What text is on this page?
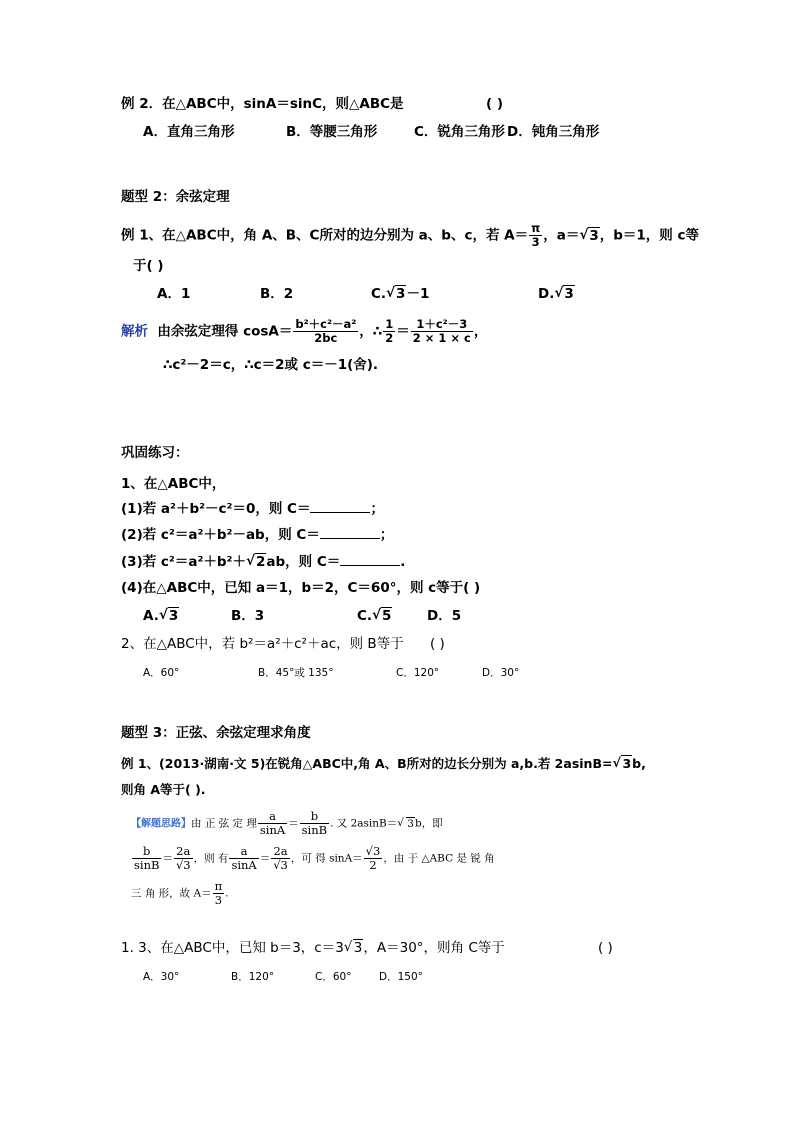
例 2．在△ABC中，sinA＝sinC，则△ABC是	( )
A．直角三角形	B．等腰三角形	C．锐角三角形 D．钝角三角形
题型 2：余弦定理
例 1、在△ABC中，角 A、B、C所对的边分别为 a、b、c，若 $A= \frac{\pi}{3}$ ，a＝ √ 3，b＝1，则 c等
于( )
A．1	B．2	C. √ 3－1	D. √ 3
解析 由余弦定理得 $\cos A= \frac{\text{b²＋c²－a²}}{2bc}$ ，∴ $\frac{1}{2} = \frac{\text{1＋c²－3}}{2 \times 1 \times c}$ ，
∴c²－2＝c，∴c＝2或 c＝－1(舍).
巩固练习：
1、在△ABC中，
(1)若 a²＋b²－c²＝0，则 C＝	；
(2)若 c²＝a²＋b²－ab，则 C＝	；
(3)若 c²＝a²＋b²＋ √ 2ab，则 C＝	.
(4)在△ABC中，已知 a＝1，b＝2，C＝60°，则 c等于( )
A. √ 3	B．3	C. √ 5	D．5
2、在△ABC中，若 b²＝a²＋c²＋ac，则 B等于 ( )
A．60°	B．45°或 135°	C．120°	D．30°
题型 3：正弦、余弦定理求角度
例 1、(2013·湖南·文 5)在锐角△ABC中,角 A、B所对的边长分别为 a,b.若 2asinB= √ 3b,
则角 A等于( ).
【解题思路】由 正 弦 定 理 $\frac{a}{\sin A} = \frac{b}{\sin B}$ . 又 2asinB＝ √ 3b，即
$\frac{b}{\sin B} = \frac{2a}{√3}$ ，则 有 $\frac{a}{\sin A} = \frac{2a}{√3}$ ，可 得 $\sin A= \frac{√3}{2}$ ，由 于 △ABC 是 锐 角
三 角 形，故 $A= \frac{\pi}{3}$ .
1. 3、在△ABC中，已知 b＝3，c＝3 √ 3，A＝30°，则角 C等于	( )
A．30°	B．120°	C．60°	D．150°
